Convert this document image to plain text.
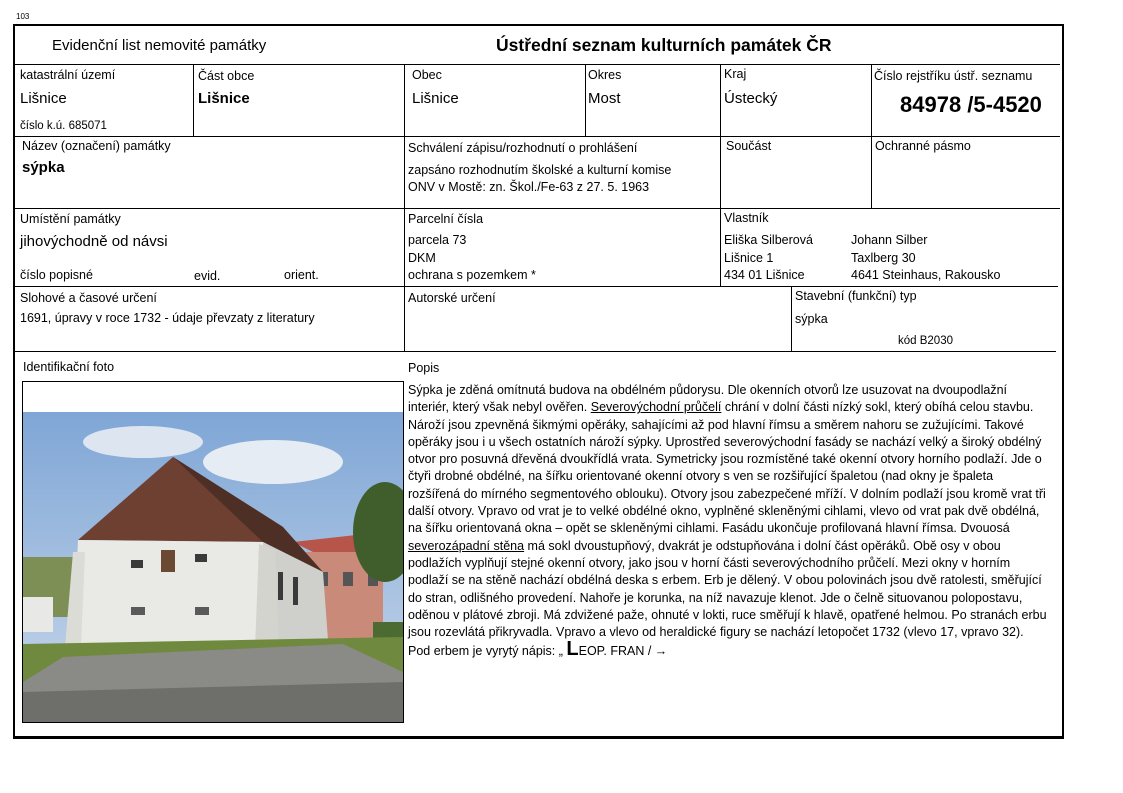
103
Evidenční list nemovité památky	Ústřední seznam kulturních památek ČR
katastrální území
Lišnice
číslo k.ú. 685071
Část obce
Lišnice
Obec
Lišnice
Okres
Most
Kraj
Ústecký
Číslo rejstříku ústř. seznamu
84978 /5-4520
Název (označení) památky
sýpka
Schválení zápisu/rozhodnutí o prohlášení
zapsáno rozhodnutím školské a kulturní komise
ONV v Mostě: zn. Škol./Fe-63 z 27. 5. 1963
Součást	Ochranné pásmo
Umístění památky
jihovýchodně od návsi
číslo popisné	evid.	orient.
Parcelní čísla
parcela 73
DKM
ochrana s pozemkem *
Vlastník
Eliška Silberová
Lišnice 1
434 01 Lišnice
Johann Silber
Taxlberg 30
4641 Steinhaus, Rakousko
Slohové a časové určení
1691, úpravy v roce 1732 - údaje převzaty z literatury
Autorské určení	Stavební (funkční) typ
sýpka
kód B2030
Identifikační foto	Popis
Sýpka je zděná omítnutá budova na obdélném půdorysu. Dle okenních otvorů lze usuzovat na dvoupodlažní interiér, který však nebyl ověřen. Severovýchodní průčelí chrání v dolní části nízký sokl, který obíhá celou stavbu. Nároží jsou zpevněná šikmými opěráky, sahajícími až pod hlavní římsu a směrem nahoru se zužujícími. Takové opěráky jsou i u všech ostatních nároží sýpky. Uprostřed severovýchodní fasády se nachází velký a široký obdélný otvor pro posuvná dřevěná dvoukřídlá vrata. Symetricky jsou rozmístěné také okenní otvory horního podlaží. Jde o čtyři drobné obdélné, na šířku orientované okenní otvory s ven se rozšiřující špaletou (nad okny je špaleta rozšířená do mírného segmentového oblouku). Otvory jsou zabezpečené mříží. V dolním podlaží jsou kromě vrat tři další otvory. Vpravo od vrat je to velké obdélné okno, vyplněné skleněnými cihlami, vlevo od vrat pak dvě obdélná, na šířku orientovaná okna – opět se skleněnými cihlami. Fasádu ukončuje profilovaná hlavní římsa. Dvouosá severozápadní stěna má sokl dvoustupňový, dvakrát je odstupňována i dolní část opěráků. Obě osy v obou podlažích vyplňují stejné okenní otvory, jako jsou v horní části severovýchodního průčelí. Mezi okny v horním podlaží se na stěně nachází obdélná deska s erbem. Erb je dělený. V obou polovinách jsou dvě ratolesti, směřující do stran, odlišného provedení. Nahoře je korunka, na níž navazuje klenot. Jde o čelně situovanou polopostavu, oděnou v plátové zbroji. Má zdvižené paže, ohnuté v lokti, ruce směřují k hlavě, opatřené helmou. Po stranách erbu jsou rozevlátá přikryvadla. Vpravo a vlevo od heraldické figury se nachází letopočet 1732 (vlevo 17, vpravo 32). Pod erbem je vyrytý nápis: „ LEOP. FRAN / →
